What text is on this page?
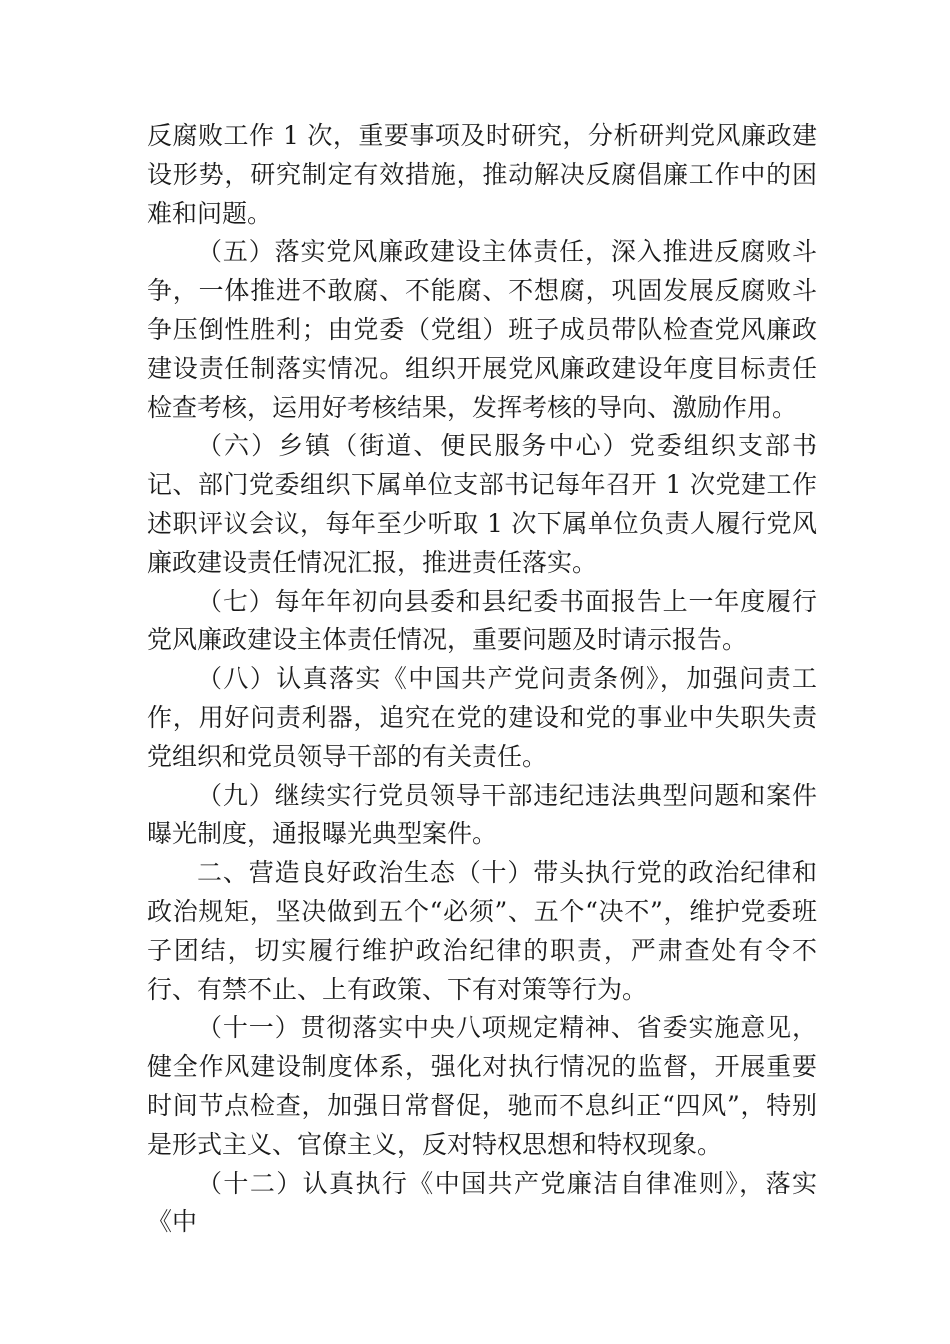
反腐败工作 1 次，重要事项及时研究，分析研判党风廉政建设形势，研究制定有效措施，推动解决反腐倡廉工作中的困难和问题。

（五）落实党风廉政建设主体责任，深入推进反腐败斗争，一体推进不敢腐、不能腐、不想腐，巩固发展反腐败斗争压倒性胜利；由党委（党组）班子成员带队检查党风廉政建设责任制落实情况。组织开展党风廉政建设年度目标责任检查考核，运用好考核结果，发挥考核的导向、激励作用。

（六）乡镇（街道、便民服务中心）党委组织支部书记、部门党委组织下属单位支部书记每年召开 1 次党建工作述职评议会议，每年至少听取 1 次下属单位负责人履行党风廉政建设责任情况汇报，推进责任落实。

（七）每年年初向县委和县纪委书面报告上一年度履行党风廉政建设主体责任情况，重要问题及时请示报告。

（八）认真落实《中国共产党问责条例》，加强问责工作，用好问责利器，追究在党的建设和党的事业中失职失责党组织和党员领导干部的有关责任。

（九）继续实行党员领导干部违纪违法典型问题和案件曝光制度，通报曝光典型案件。

二、营造良好政治生态（十）带头执行党的政治纪律和政治规矩，坚决做到五个“必须”、五个“决不”，维护党委班子团结，切实履行维护政治纪律的职责，严肃查处有令不行、有禁不止、上有政策、下有对策等行为。

（十一）贯彻落实中央八项规定精神、省委实施意见，健全作风建设制度体系，强化对执行情况的监督，开展重要时间节点检查，加强日常督促，驰而不息纠正“四风”，特别是形式主义、官僚主义，反对特权思想和特权现象。

（十二）认真执行《中国共产党廉洁自律准则》，落实《中
